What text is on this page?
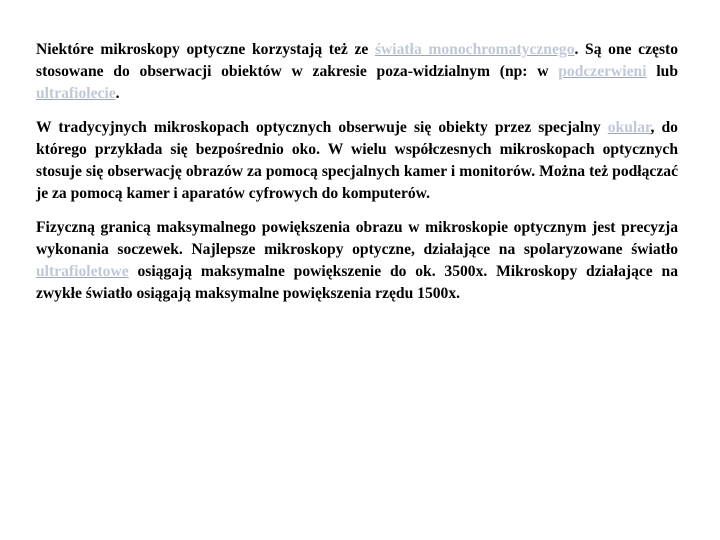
Niektóre mikroskopy optyczne korzystają też ze światła monochromatycznego. Są one często stosowane do obserwacji obiektów w zakresie poza-widzialnym (np: w podczerwieni lub ultrafiolecie.

W tradycyjnych mikroskopach optycznych obserwuje się obiekty przez specjalny okular, do którego przykłada się bezpośrednio oko. W wielu współczesnych mikroskopach optycznych stosuje się obserwację obrazów za pomocą specjalnych kamer i monitorów. Można też podłączać je za pomocą kamer i aparatów cyfrowych do komputerów.

Fizyczną granicą maksymalnego powiększenia obrazu w mikroskopie optycznym jest precyzja wykonania soczewek. Najlepsze mikroskopy optyczne, działające na spolaryzowane światło ultrafioletowe osiągają maksymalne powiększenie do ok. 3500x. Mikroskopy działające na zwykłe światło osiągają maksymalne powiększenia rzędu 1500x.
